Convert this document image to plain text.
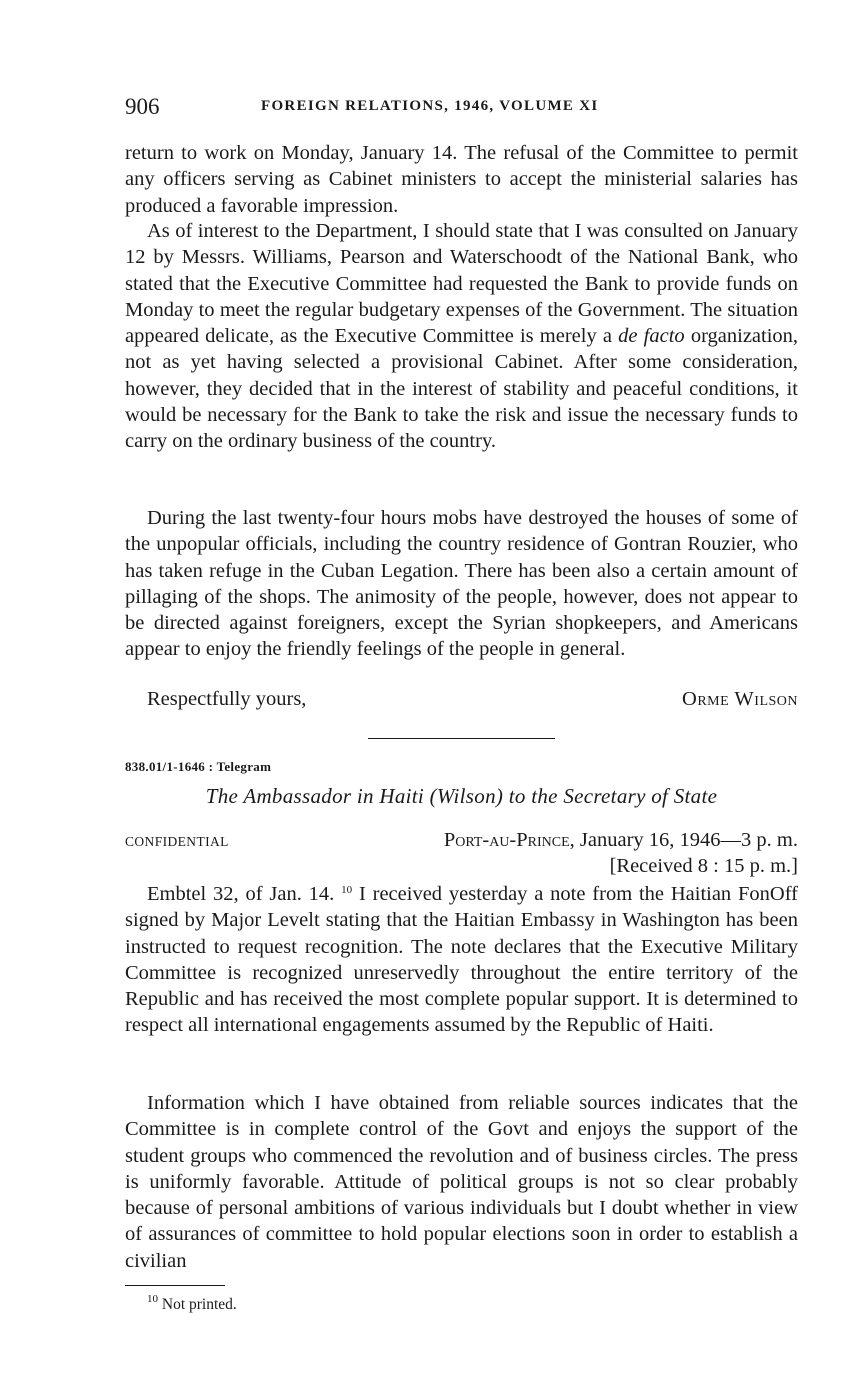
906	FOREIGN RELATIONS, 1946, VOLUME XI

return to work on Monday, January 14. The refusal of the Committee to permit any officers serving as Cabinet ministers to accept the ministerial salaries has produced a favorable impression.

As of interest to the Department, I should state that I was consulted on January 12 by Messrs. Williams, Pearson and Waterschoodt of the National Bank, who stated that the Executive Committee had requested the Bank to provide funds on Monday to meet the regular budgetary expenses of the Government. The situation appeared delicate, as the Executive Committee is merely a de facto organization, not as yet having selected a provisional Cabinet. After some consideration, however, they decided that in the interest of stability and peaceful conditions, it would be necessary for the Bank to take the risk and issue the necessary funds to carry on the ordinary business of the country.

During the last twenty-four hours mobs have destroyed the houses of some of the unpopular officials, including the country residence of Gontran Rouzier, who has taken refuge in the Cuban Legation. There has been also a certain amount of pillaging of the shops. The animosity of the people, however, does not appear to be directed against foreigners, except the Syrian shopkeepers, and Americans appear to enjoy the friendly feelings of the people in general.

Respectfully yours,	Orme Wilson
838.01/1-1646 : Telegram
The Ambassador in Haiti (Wilson) to the Secretary of State
CONFIDENTIAL	Port-au-Prince, January 16, 1946—3 p. m.
[Received 8 : 15 p. m.]

Embtel 32, of Jan. 14. $^{10}$ I received yesterday a note from the Haitian FonOff signed by Major Levelt stating that the Haitian Embassy in Washington has been instructed to request recognition. The note declares that the Executive Military Committee is recognized unreservedly throughout the entire territory of the Republic and has received the most complete popular support. It is determined to respect all international engagements assumed by the Republic of Haiti.

Information which I have obtained from reliable sources indicates that the Committee is in complete control of the Govt and enjoys the support of the student groups who commenced the revolution and of business circles. The press is uniformly favorable. Attitude of political groups is not so clear probably because of personal ambitions of various individuals but I doubt whether in view of assurances of committee to hold popular elections soon in order to establish a civilian

$^{10}$ Not printed.
